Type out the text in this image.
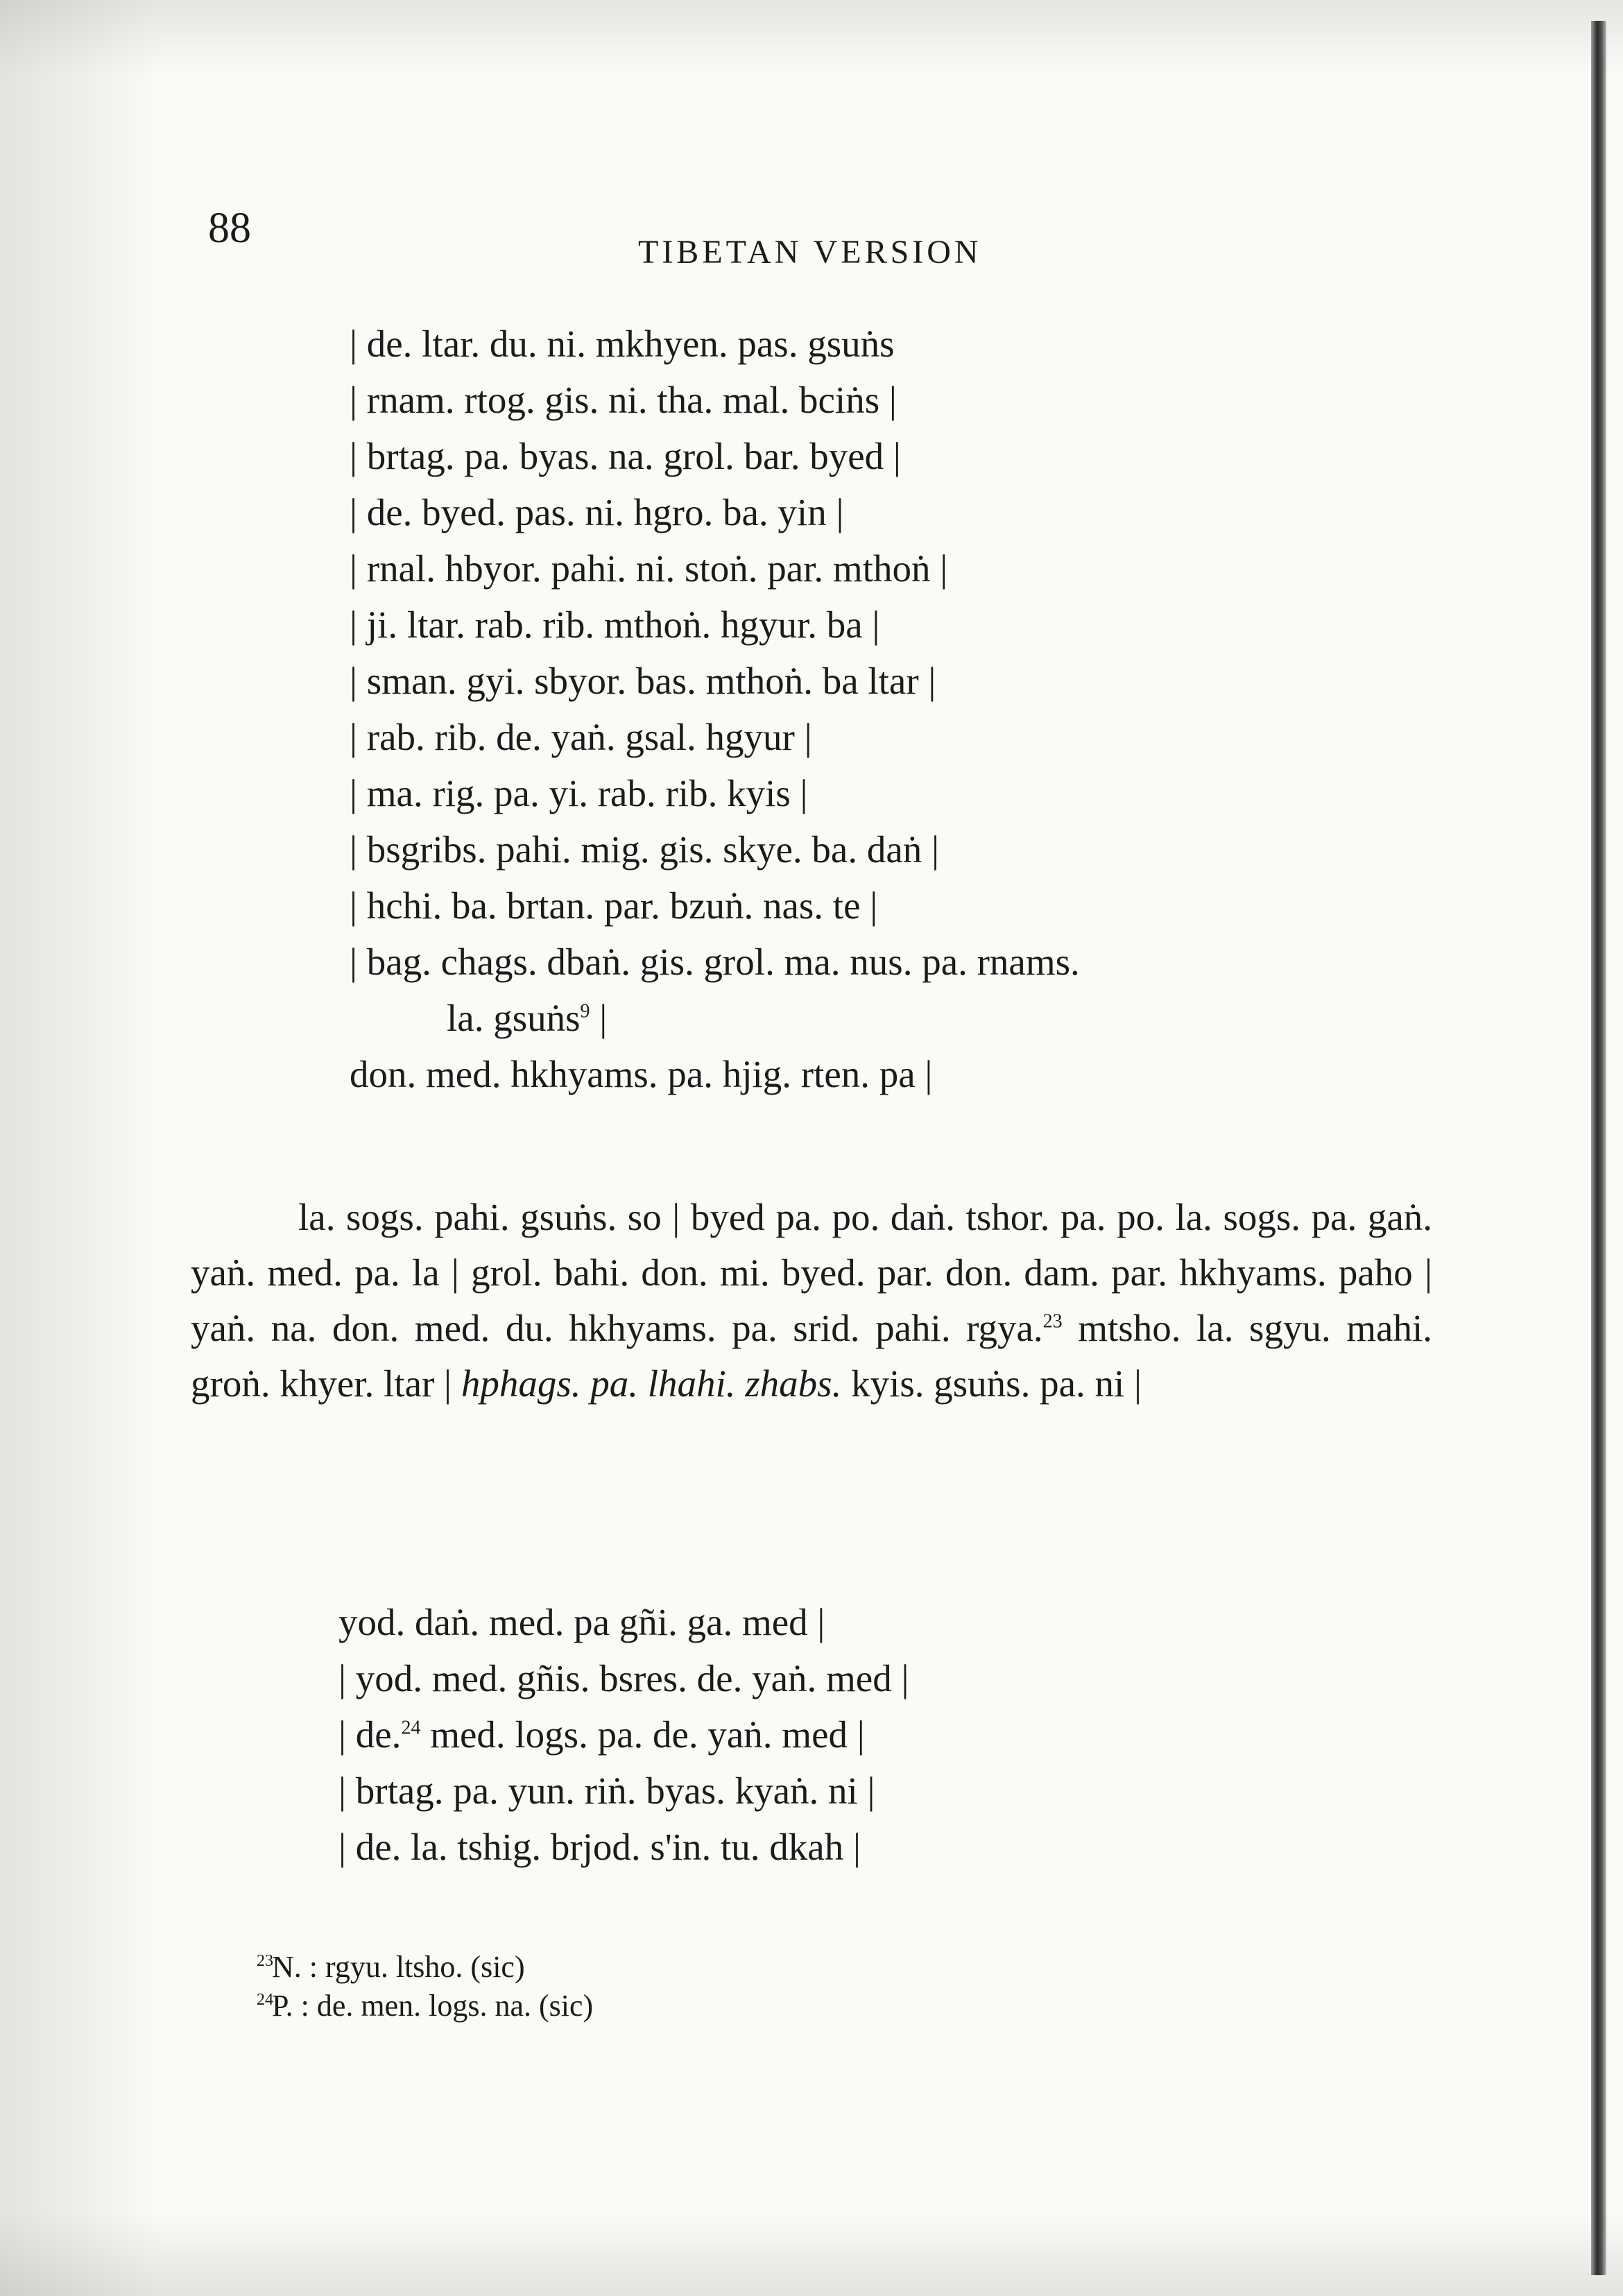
88
TIBETAN VERSION
| de. ltar. du. ni. mkhyen. pas. gsuṅs
| rnam. rtog. gis. ni. tha. mal. bciṅs |
| brtag. pa. byas. na. grol. bar. byed |
| de. byed. pas. ni. hgro. ba. yin |
| rnal. hbyor. pahi. ni. stoṅ. par. mthoṅ |
| ji. ltar. rab. rib. mthoṅ. hgyur. ba |
| sman. gyi. sbyor. bas. mthoṅ. ba ltar |
| rab. rib. de. yaṅ. gsal. hgyur |
| ma. rig. pa. yi. rab. rib. kyis |
| bsgribs. pahi. mig. gis. skye. ba. daṅ |
| hchi. ba. brtan. par. bzuṅ. nas. te |
| bag. chags. dbaṅ. gis. grol. ma. nus. pa. rnams.
la. gsuṅs$^9$ |
don. med. hkhyams. pa. hjig. rten. pa |

la. sogs. pahi. gsuṅs. so | byed pa. po. daṅ. tshor. pa. po. la. sogs. pa. gaṅ. yaṅ. med. pa. la | grol. bahi. don. mi. byed. par. don. dam. par. hkhyams. paho | yaṅ. na. don. med. du. hkhyams. pa. srid. pahi. rgya.$^{23}$ mtsho. la. sgyu. mahi. groṅ. khyer. ltar | hphags. pa. lhahi. zhabs. kyis. gsuṅs. pa. ni |

yod. daṅ. med. pa gñi. ga. med |
| yod. med. gñis. bsres. de. yaṅ. med |
| de.$^{24}$ med. logs. pa. de. yaṅ. med |
| brtag. pa. yun. riṅ. byas. kyaṅ. ni |
| de. la. tshig. brjod. s'in. tu. dkah |
23N. : rgyu. ltsho. (sic)
24P. : de. men. logs. na. (sic)
